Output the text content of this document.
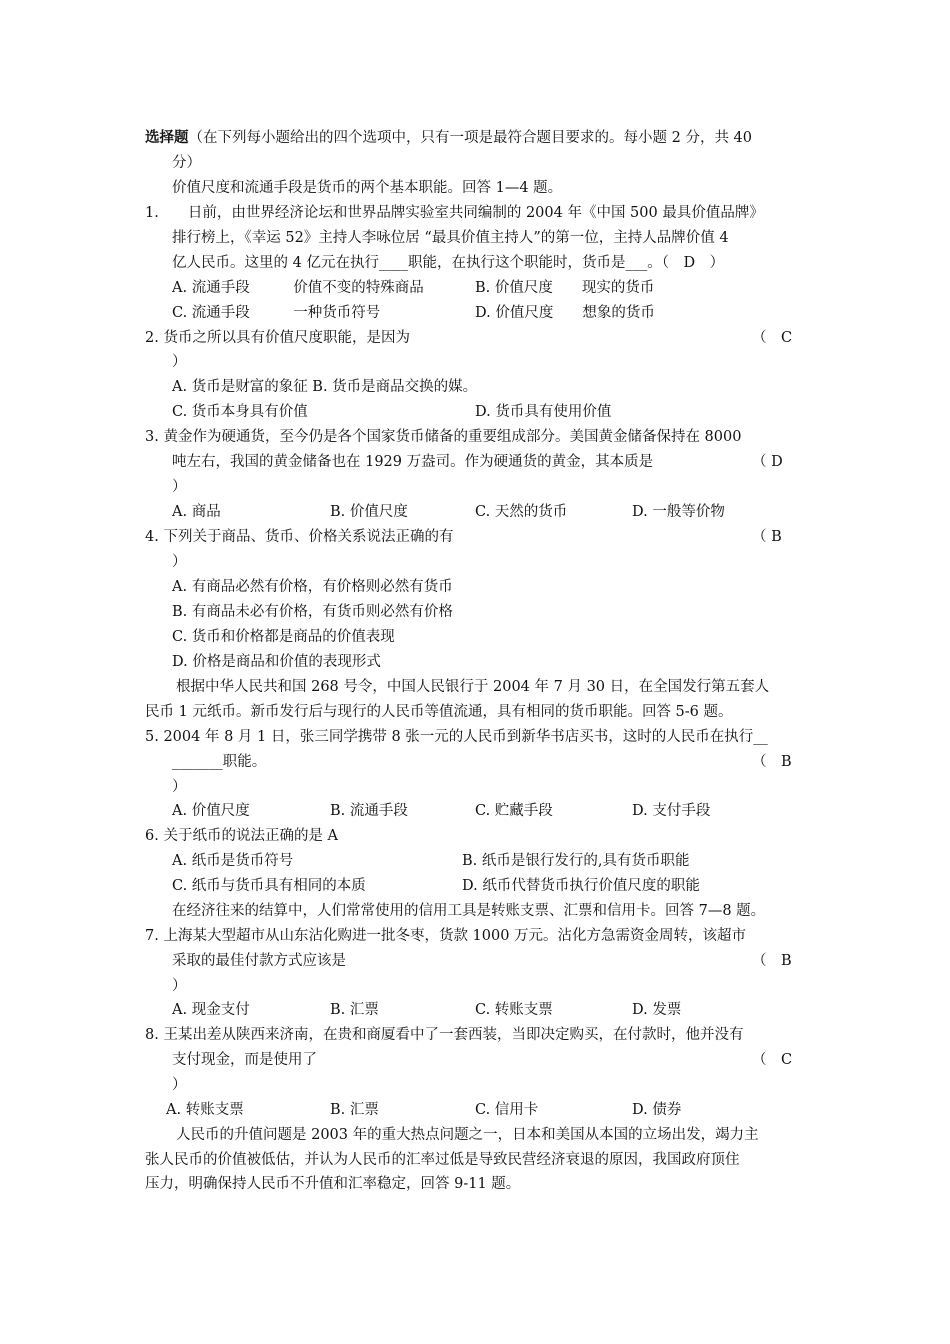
选择题（在下列每小题给出的四个选项中，只有一项是最符合题目要求的。每小题 2 分，共 40
分）
价值尺度和流通手段是货币的两个基本职能。回答 1—4 题。
1.　　日前，由世界经济论坛和世界品牌实验室共同编制的 2004 年《中国 500 最具价值品牌》
排行榜上，《幸运 52》主持人李咏位居 “最具价值主持人”的第一位，主持人品牌价值 4
亿人民币。这里的 4 亿元在执行____职能，在执行这个职能时，货币是___。（　D　）
A. 流通手段　　　价值不变的特殊商品	B. 价值尺度　　现实的货币
C. 流通手段　　　一种货币符号	D. 价值尺度　　想象的货币
2. 货币之所以具有价值尺度职能，是因为	（　C
）
A. 货币是财富的象征 B. 货币是商品交换的媒。
C. 货币本身具有价值	D. 货币具有使用价值
3. 黄金作为硬通货，至今仍是各个国家货币储备的重要组成部分。美国黄金储备保持在 8000
吨左右，我国的黄金储备也在 1929 万盎司。作为硬通货的黄金，其本质是	（ D
）
A. 商品	B. 价值尺度	C. 天然的货币	D. 一般等价物
4. 下列关于商品、货币、价格关系说法正确的有	（ B
）
A. 有商品必然有价格，有价格则必然有货币
B. 有商品未必有价格，有货币则必然有价格
C. 货币和价格都是商品的价值表现
D. 价格是商品和价值的表现形式
根据中华人民共和国 268 号令，中国人民银行于 2004 年 7 月 30 日，在全国发行第五套人
民币 1 元纸币。新币发行后与现行的人民币等值流通，具有相同的货币职能。回答 5-6 题。
5. 2004 年 8 月 1 日，张三同学携带 8 张一元的人民币到新华书店买书，这时的人民币在执行__
_______职能。	（　B
）
A. 价值尺度	B. 流通手段	C. 贮藏手段	D. 支付手段
6. 关于纸币的说法正确的是 A
A. 纸币是货币符号	B. 纸币是银行发行的,具有货币职能
C. 纸币与货币具有相同的本质	D. 纸币代替货币执行价值尺度的职能
在经济往来的结算中，人们常常使用的信用工具是转账支票、汇票和信用卡。回答 7—8 题。
7. 上海某大型超市从山东沾化购进一批冬枣，货款 1000 万元。沾化方急需资金周转，该超市
采取的最佳付款方式应该是	（　B
）
A. 现金支付	B. 汇票	C. 转账支票	D. 发票
8. 王某出差从陕西来济南，在贵和商厦看中了一套西装，当即决定购买，在付款时，他并没有
支付现金，而是使用了	（　C
）
A. 转账支票	B. 汇票	C. 信用卡	D. 债券
人民币的升值问题是 2003 年的重大热点问题之一，日本和美国从本国的立场出发，竭力主
张人民币的价值被低估，并认为人民币的汇率过低是导致民营经济衰退的原因，我国政府顶住
压力，明确保持人民币不升值和汇率稳定，回答 9-11 题。
